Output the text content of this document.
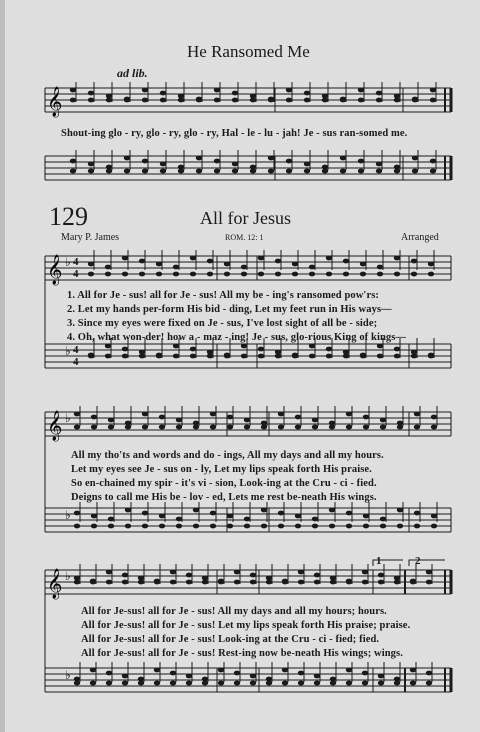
He Ransomed Me
ad lib.
𝄞
Shout-ing glo - ry, glo - ry, glo - ry, Hal - le - lu - jah! Je - sus ran-somed me.
129	All for Jesus
Mary P. James	ROM. 12: 1	Arranged
𝄞 ♭
♭
4
4
4
4
1. All for Je - sus! all for Je - sus! All my be - ing's ransomed pow'rs:
2. Let my hands per-form His bid - ding, Let my feet run in His ways—
3. Since my eyes were fixed on Je - sus, I've lost sight of all be - side;
4. Oh, what won-der! how a - maz - ing! Je - sus, glo-rious King of kings—
𝄞 ♭
♭
All my tho'ts and words and do - ings, All my days and all my hours.
Let my eyes see Je - sus on - ly, Let my lips speak forth His praise.
So en-chained my spir - it's vi - sion, Look-ing at the Cru - ci - fied.
Deigns to call me His be - lov - ed, Lets me rest be-neath His wings.
𝄞 ♭
♭
1	2
All for Je-sus! all for Je - sus! All my days and all my hours; hours.
All for Je-sus! all for Je - sus! Let my lips speak forth His praise; praise.
All for Je-sus! all for Je - sus! Look-ing at the Cru - ci - fied; fied.
All for Je-sus! all for Je - sus! Rest-ing now be-neath His wings; wings.
